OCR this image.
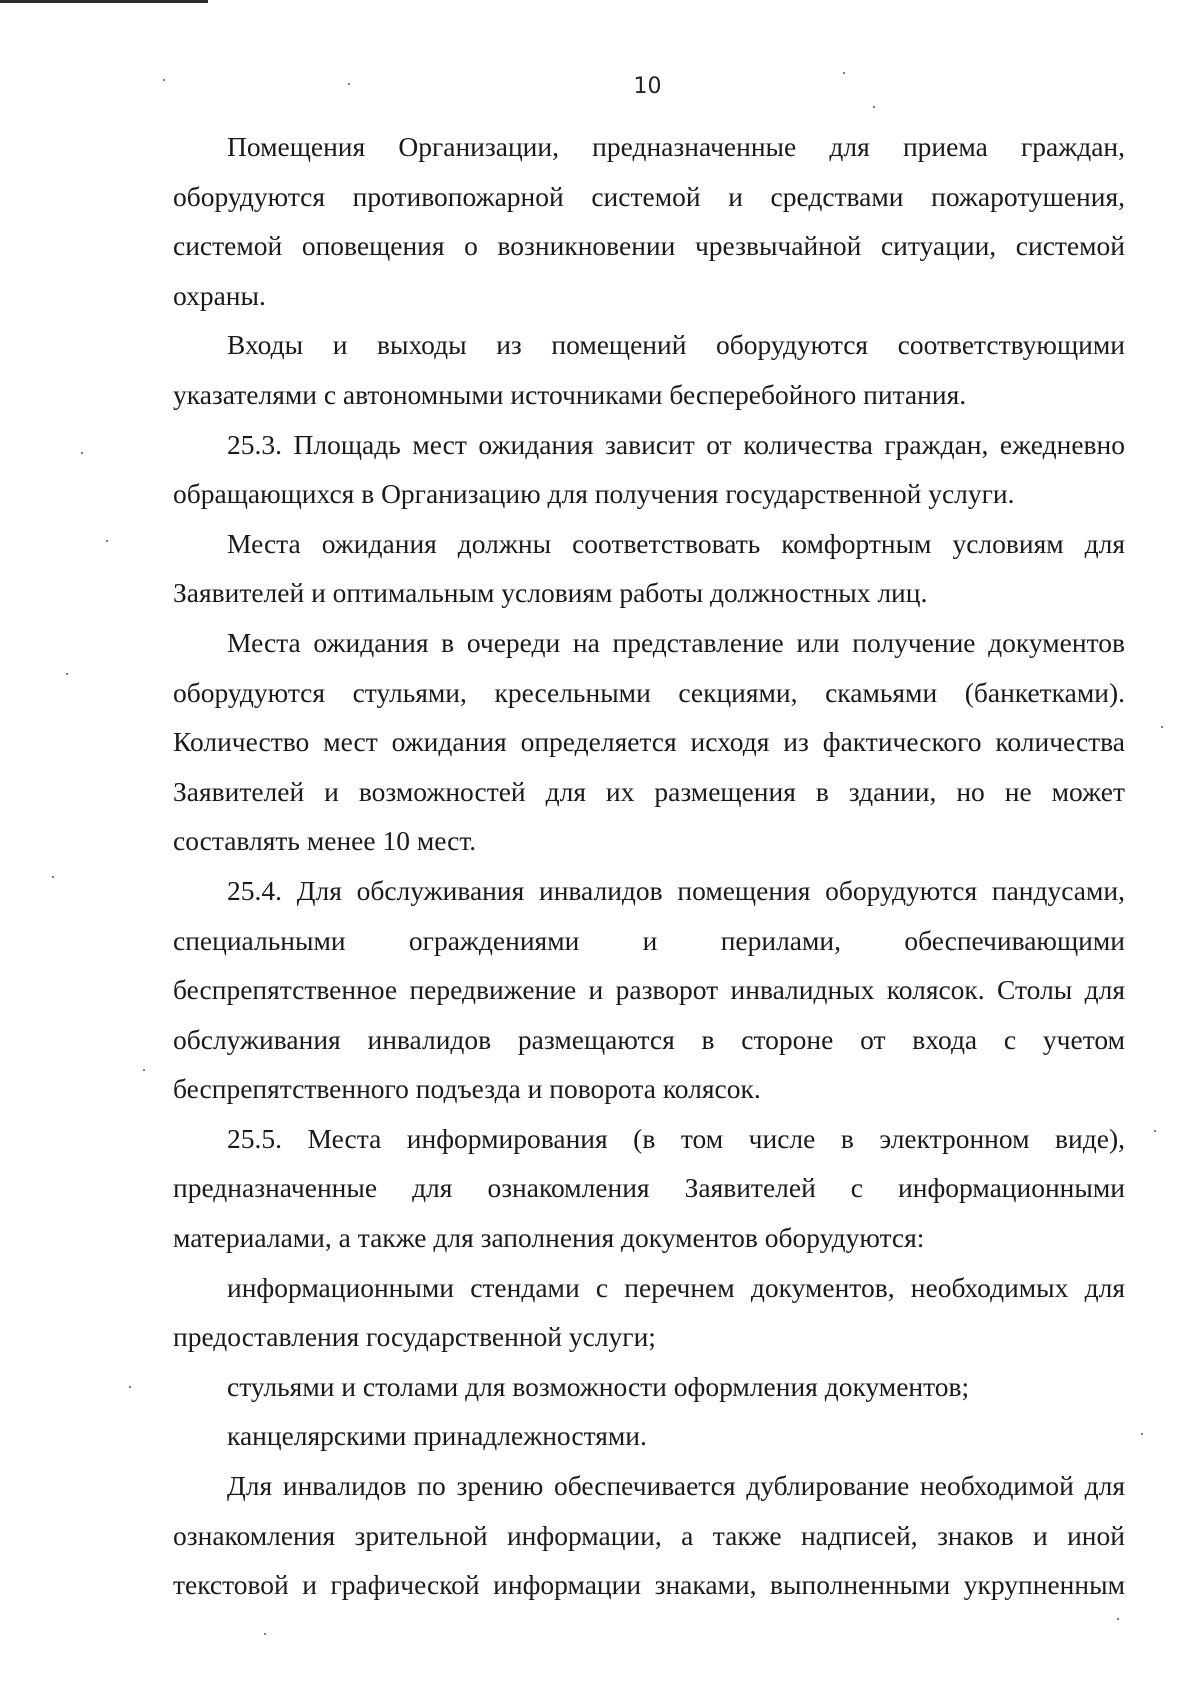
10

Помещения Организации, предназначенные для приема граждан, оборудуются противопожарной системой и средствами пожаротушения, системой оповещения о возникновении чрезвычайной ситуации, системой охраны.

Входы и выходы из помещений оборудуются соответствующими указателями с автономными источниками бесперебойного питания.

25.3. Площадь мест ожидания зависит от количества граждан, ежедневно обращающихся в Организацию для получения государственной услуги.

Места ожидания должны соответствовать комфортным условиям для Заявителей и оптимальным условиям работы должностных лиц.

Места ожидания в очереди на представление или получение документов оборудуются стульями, кресельными секциями, скамьями (банкетками). Количество мест ожидания определяется исходя из фактического количества Заявителей и возможностей для их размещения в здании, но не может составлять менее 10 мест.

25.4. Для обслуживания инвалидов помещения оборудуются пандусами, специальными ограждениями и перилами, обеспечивающими беспрепятственное передвижение и разворот инвалидных колясок. Столы для обслуживания инвалидов размещаются в стороне от входа с учетом беспрепятственного подъезда и поворота колясок.

25.5. Места информирования (в том числе в электронном виде), предназначенные для ознакомления Заявителей с информационными материалами, а также для заполнения документов оборудуются:

информационными стендами с перечнем документов, необходимых для предоставления государственной услуги;

стульями и столами для возможности оформления документов;

канцелярскими принадлежностями.

Для инвалидов по зрению обеспечивается дублирование необходимой для ознакомления зрительной информации, а также надписей, знаков и иной текстовой и графической информации знаками, выполненными укрупненным
